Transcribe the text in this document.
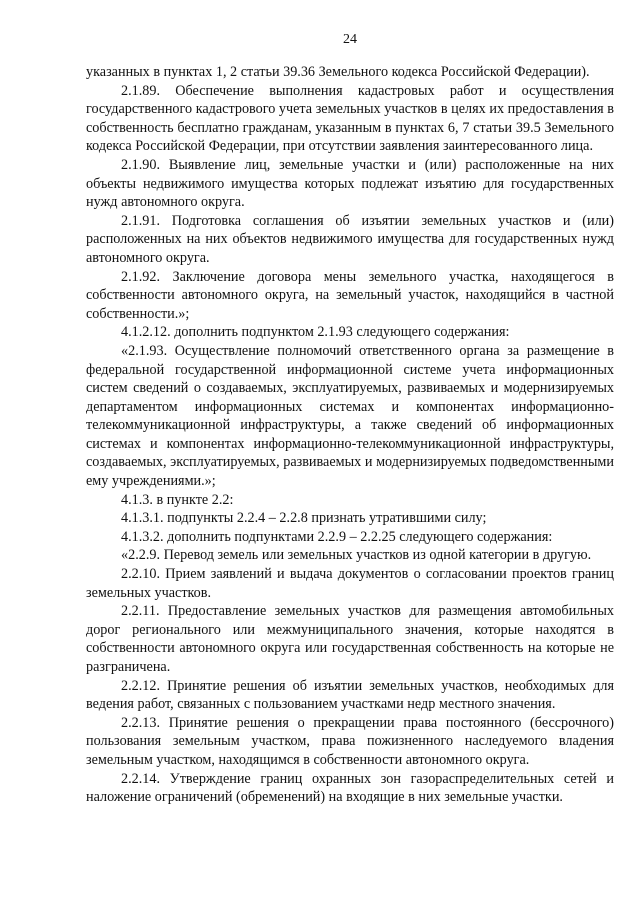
24

указанных в пунктах 1, 2 статьи 39.36 Земельного кодекса Российской Федерации).

2.1.89. Обеспечение выполнения кадастровых работ и осуществления государственного кадастрового учета земельных участков в целях их предоставления в собственность бесплатно гражданам, указанным в пунктах 6, 7 статьи 39.5 Земельного кодекса Российской Федерации, при отсутствии заявления заинтересованного лица.

2.1.90. Выявление лиц, земельные участки и (или) расположенные на них объекты недвижимого имущества которых подлежат изъятию для государственных нужд автономного округа.

2.1.91. Подготовка соглашения об изъятии земельных участков и (или) расположенных на них объектов недвижимого имущества для государственных нужд автономного округа.

2.1.92. Заключение договора мены земельного участка, находящегося в собственности автономного округа, на земельный участок, находящийся в частной собственности.»;

4.1.2.12. дополнить подпунктом 2.1.93 следующего содержания:

«2.1.93. Осуществление полномочий ответственного органа за размещение в федеральной государственной информационной системе учета информационных систем сведений о создаваемых, эксплуатируемых, развиваемых и модернизируемых департаментом информационных системах и компонентах информационно-телекоммуникационной инфраструктуры, а также сведений об информационных системах и компонентах информационно-телекоммуникационной инфраструктуры, создаваемых, эксплуатируемых, развиваемых и модернизируемых подведомственными ему учреждениями.»;

4.1.3. в пункте 2.2:

4.1.3.1. подпункты 2.2.4 – 2.2.8 признать утратившими силу;

4.1.3.2. дополнить подпунктами 2.2.9 – 2.2.25 следующего содержания:

«2.2.9. Перевод земель или земельных участков из одной категории в другую.

2.2.10. Прием заявлений и выдача документов о согласовании проектов границ земельных участков.

2.2.11. Предоставление земельных участков для размещения автомобильных дорог регионального или межмуниципального значения, которые находятся в собственности автономного округа или государственная собственность на которые не разграничена.

2.2.12. Принятие решения об изъятии земельных участков, необходимых для ведения работ, связанных с пользованием участками недр местного значения.

2.2.13. Принятие решения о прекращении права постоянного (бессрочного) пользования земельным участком, права пожизненного наследуемого владения земельным участком, находящимся в собственности автономного округа.

2.2.14. Утверждение границ охранных зон газораспределительных сетей и наложение ограничений (обременений) на входящие в них земельные участки.
